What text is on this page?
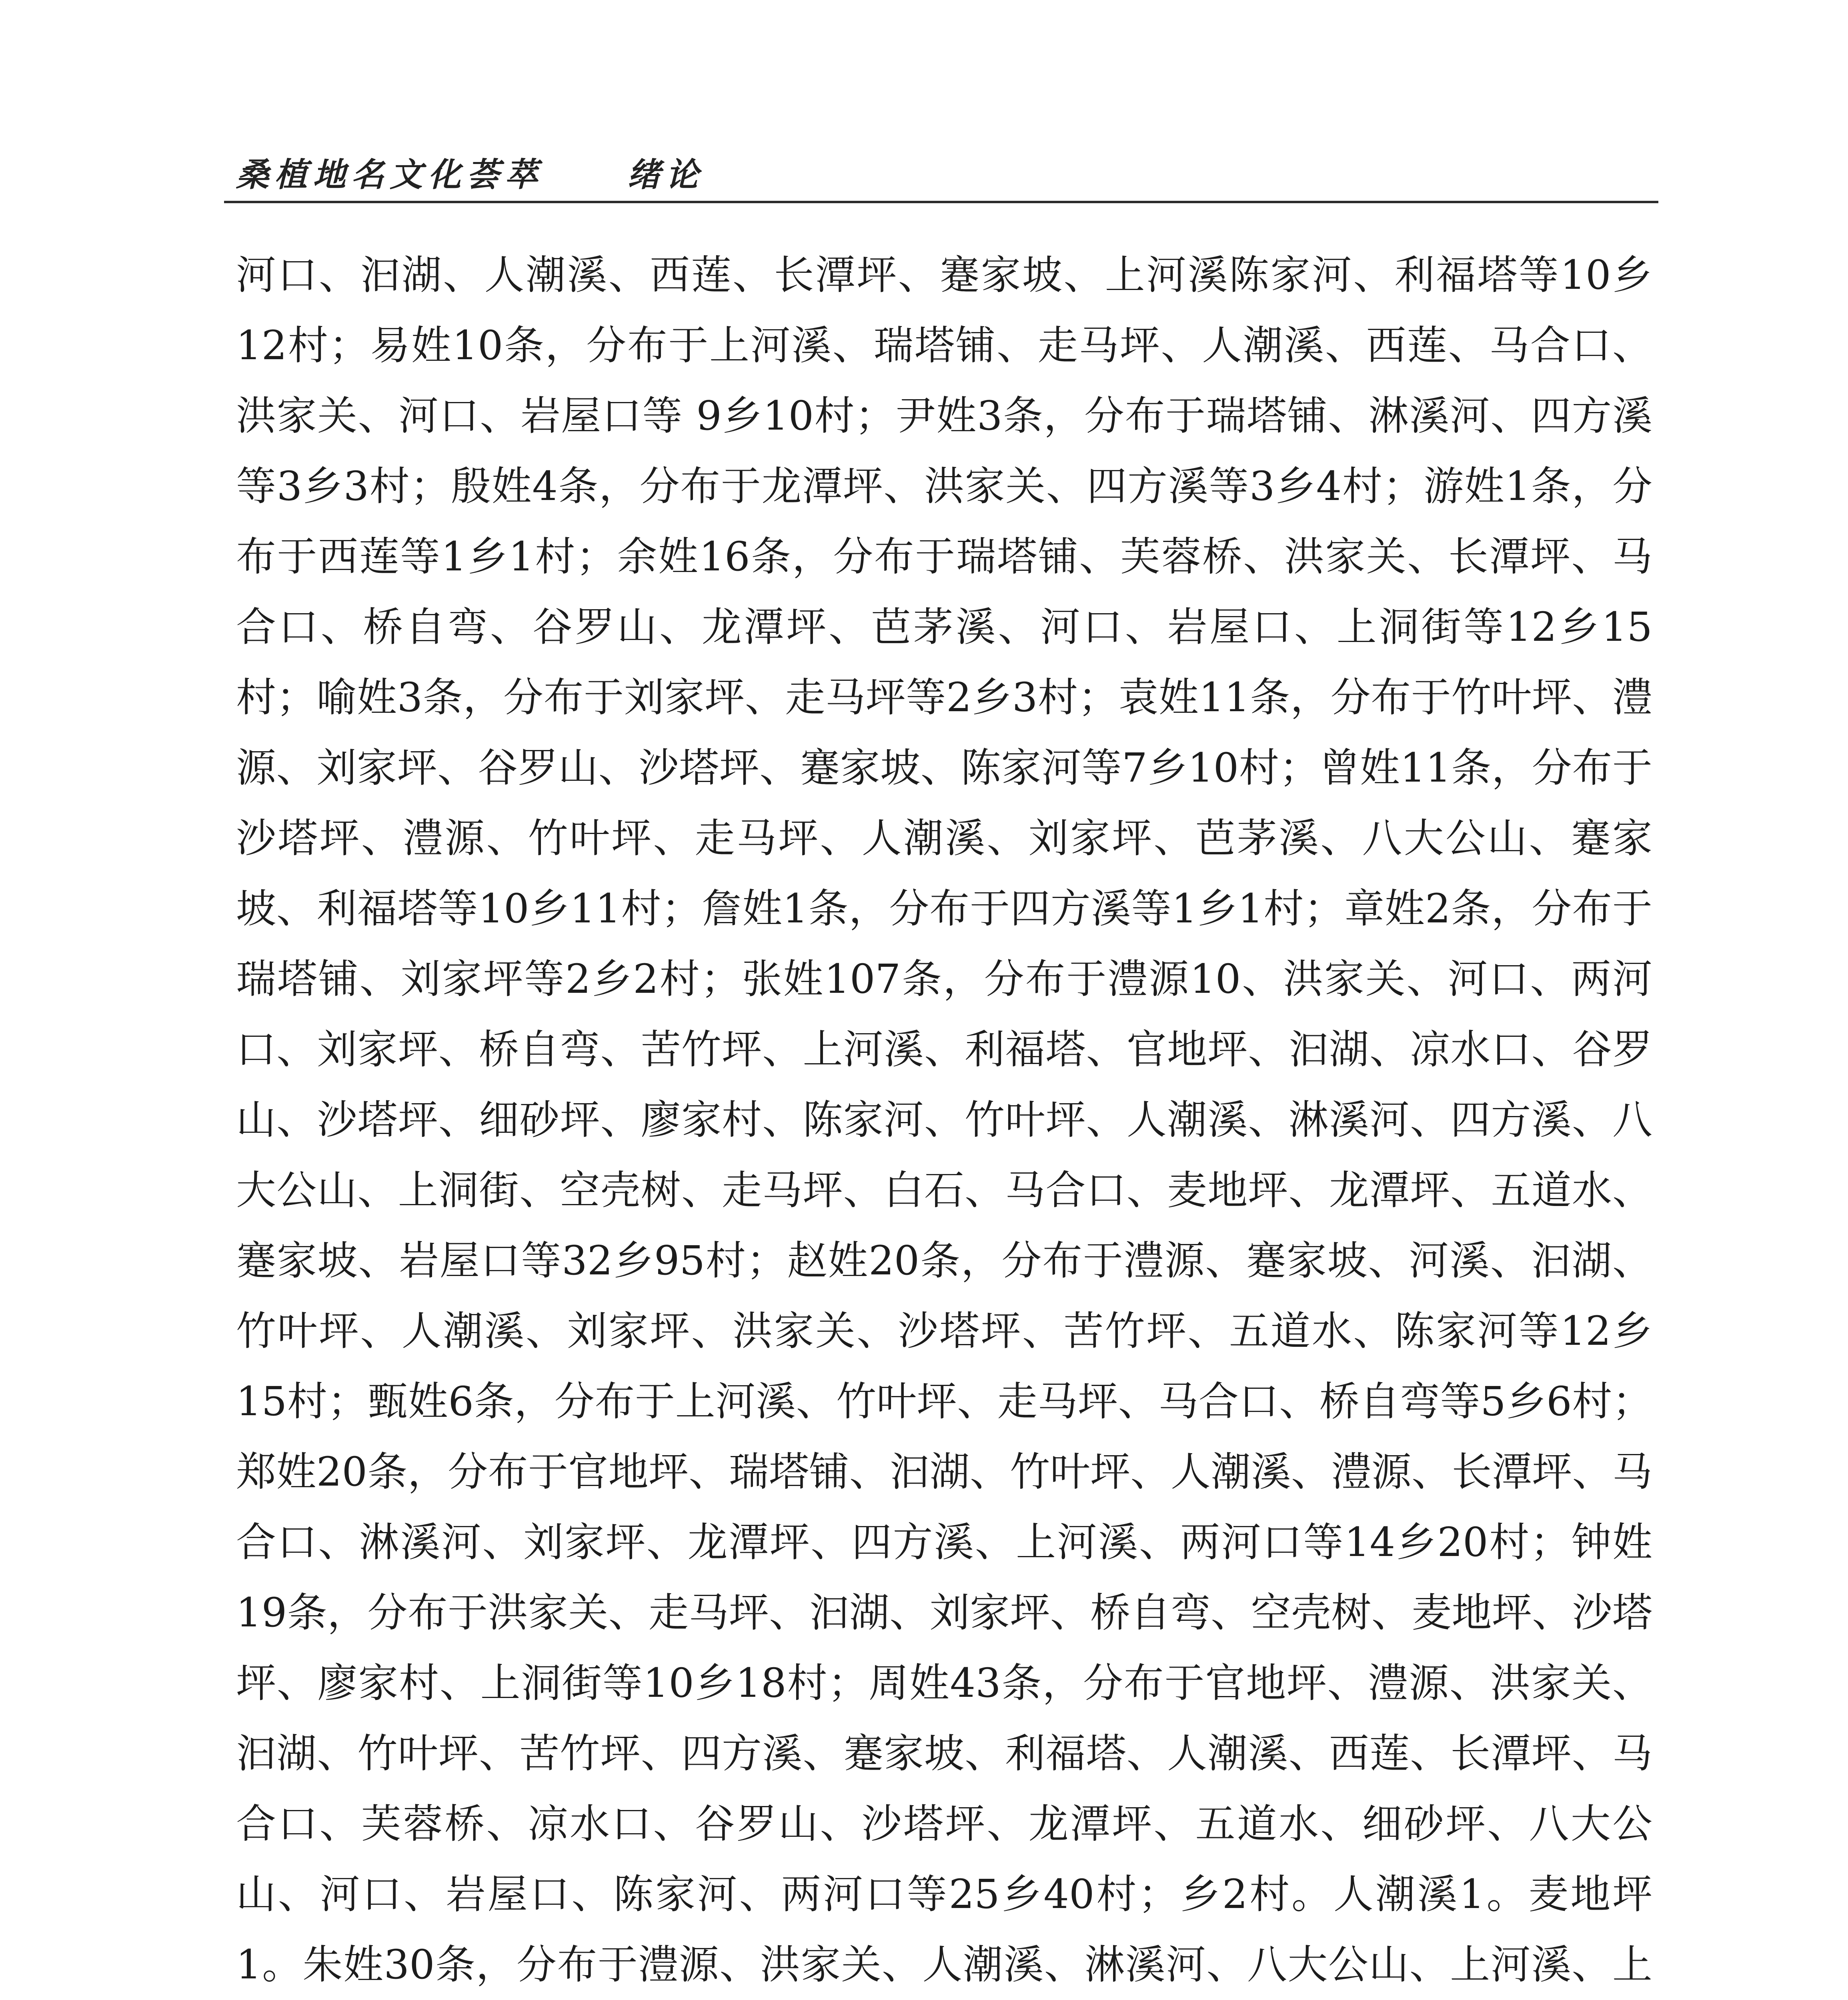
桑植地名文化荟萃	绪论

河口、汩湖、人潮溪、西莲、长潭坪、蹇家坡、上河溪陈家河、利福塔等10乡12村；易姓10条，分布于上河溪、瑞塔铺、走马坪、人潮溪、西莲、马合口、洪家关、河口、岩屋口等 9乡10村；尹姓3条，分布于瑞塔铺、淋溪河、四方溪等3乡3村；殷姓4条，分布于龙潭坪、洪家关、四方溪等3乡4村；游姓1条，分布于西莲等1乡1村；余姓16条，分布于瑞塔铺、芙蓉桥、洪家关、长潭坪、马合口、桥自弯、谷罗山、龙潭坪、芭茅溪、河口、岩屋口、上洞街等12乡15村；喻姓3条，分布于刘家坪、走马坪等2乡3村；袁姓11条，分布于竹叶坪、澧源、刘家坪、谷罗山、沙塔坪、蹇家坡、陈家河等7乡10村；曾姓11条，分布于沙塔坪、澧源、竹叶坪、走马坪、人潮溪、刘家坪、芭茅溪、八大公山、蹇家坡、利福塔等10乡11村；詹姓1条，分布于四方溪等1乡1村；章姓2条，分布于瑞塔铺、刘家坪等2乡2村；张姓107条，分布于澧源10、洪家关、河口、两河口、刘家坪、桥自弯、苦竹坪、上河溪、利福塔、官地坪、汩湖、凉水口、谷罗山、沙塔坪、细砂坪、廖家村、陈家河、竹叶坪、人潮溪、淋溪河、四方溪、八大公山、上洞街、空壳树、走马坪、白石、马合口、麦地坪、龙潭坪、五道水、蹇家坡、岩屋口等32乡95村；赵姓20条，分布于澧源、蹇家坡、河溪、汩湖、竹叶坪、人潮溪、刘家坪、洪家关、沙塔坪、苦竹坪、五道水、陈家河等12乡15村；甄姓6条，分布于上河溪、竹叶坪、走马坪、马合口、桥自弯等5乡6村；郑姓20条，分布于官地坪、瑞塔铺、汩湖、竹叶坪、人潮溪、澧源、长潭坪、马合口、淋溪河、刘家坪、龙潭坪、四方溪、上河溪、两河口等14乡20村；钟姓19条，分布于洪家关、走马坪、汩湖、刘家坪、桥自弯、空壳树、麦地坪、沙塔坪、廖家村、上洞街等10乡18村；周姓43条，分布于官地坪、澧源、洪家关、汩湖、竹叶坪、苦竹坪、四方溪、蹇家坡、利福塔、人潮溪、西莲、长潭坪、马合口、芙蓉桥、凉水口、谷罗山、沙塔坪、龙潭坪、五道水、细砂坪、八大公山、河口、岩屋口、陈家河、两河口等25乡40村；乡2村。人潮溪1。麦地坪1。朱姓30条，分布于澧源、洪家关、人潮溪、淋溪河、八大公山、上河溪、上
